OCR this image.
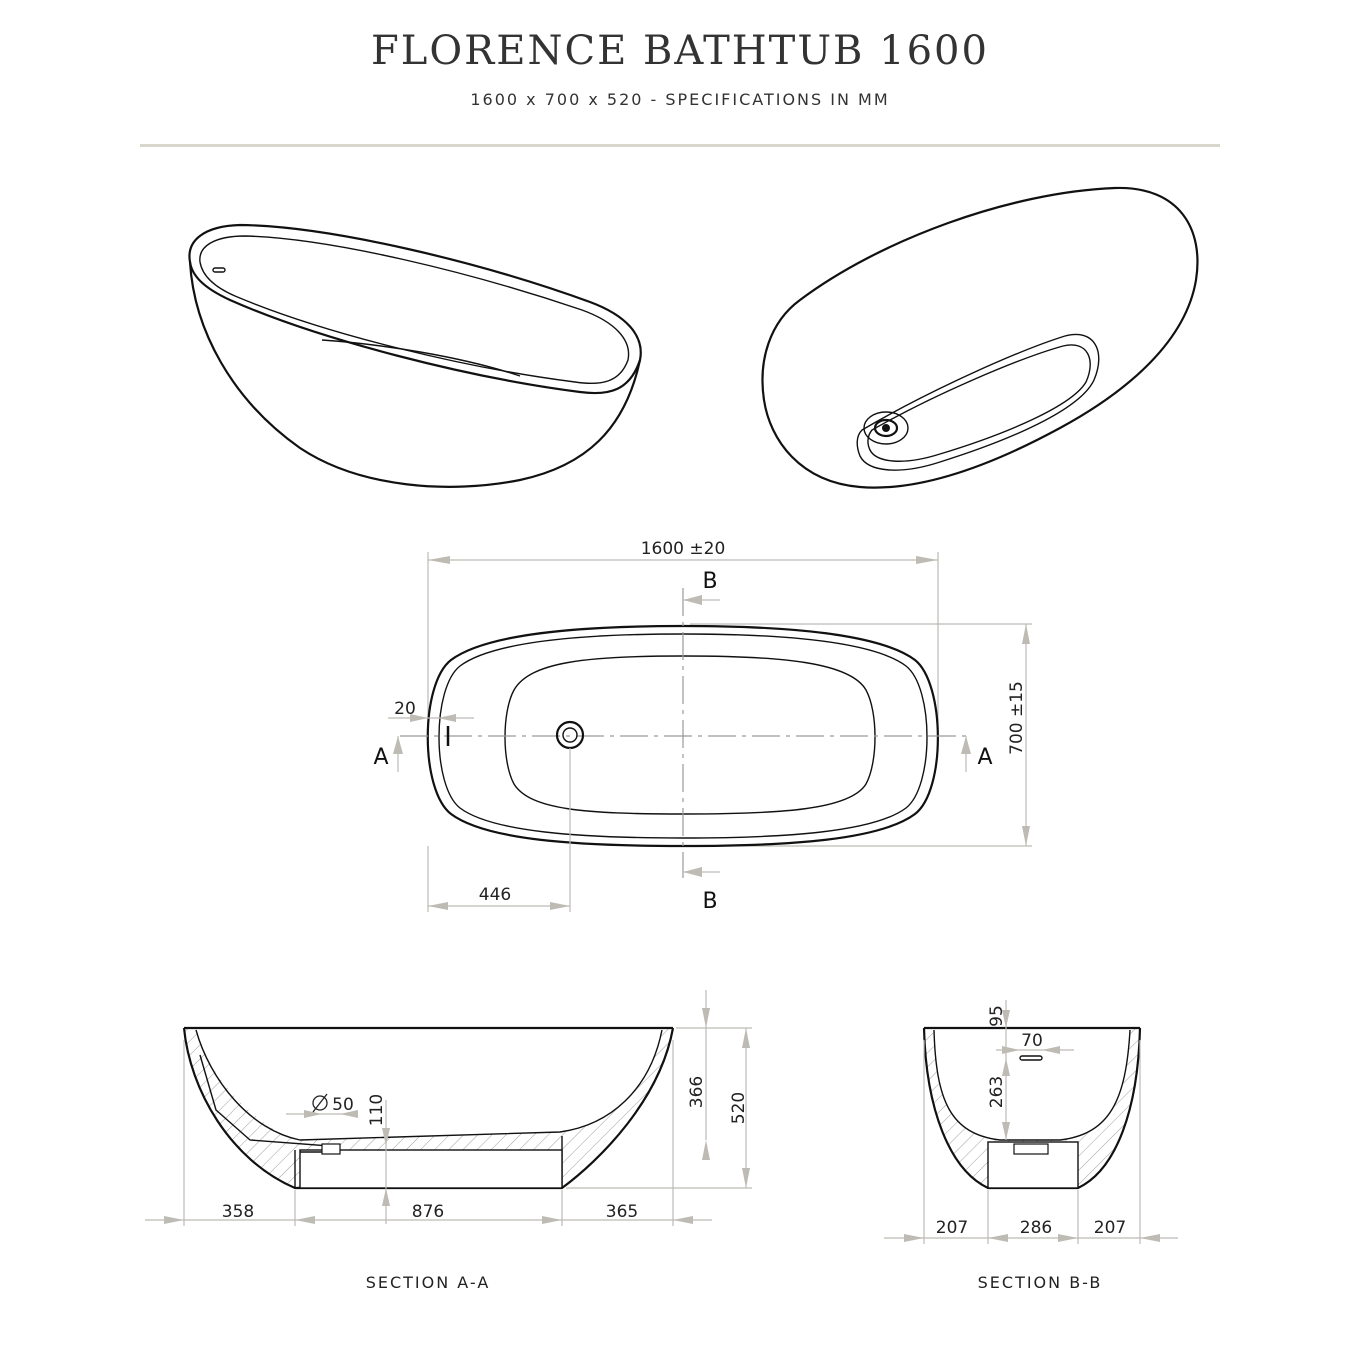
FLORENCE BATHTUB 1600
1600 x 700 x 520 - SPECIFICATIONS IN MM
1600 ±20
700 ±15
20
446
A	A
B
B
358	876	365
366 520
110
50
SECTION A-A
207	286 207
95
263
70
SECTION B-B
